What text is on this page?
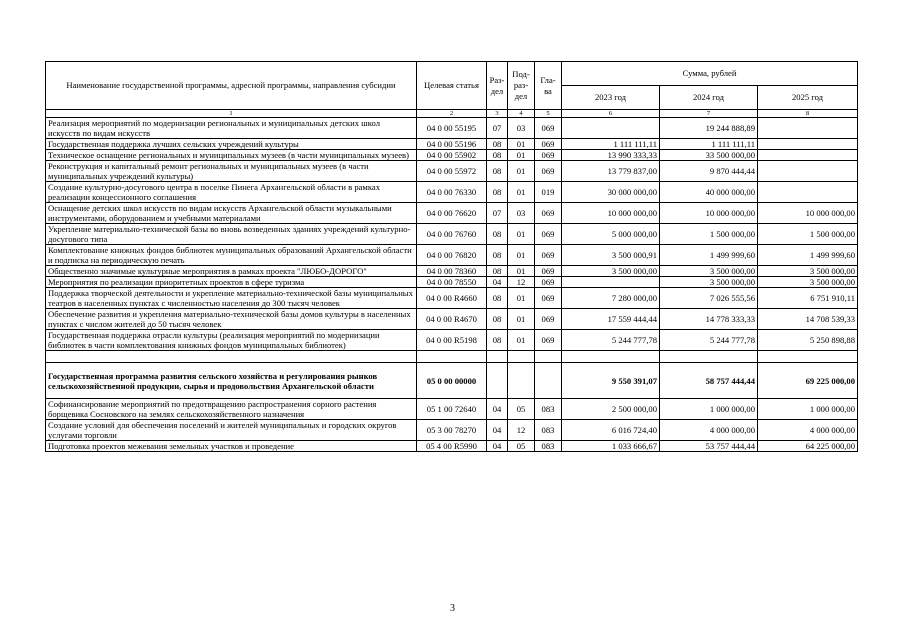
Наименование государственной программы, адресной программы, направления субсидии	Целевая статья	Раз-дел	Под-раз-дел	Гла-ва	Сумма, рублей		
					2023 год	2024 год	2025 год
1	2	3	4	5	6	7	8
Реализация мероприятий по модернизации региональных и муниципальных детских школ искусств по видам искусств	04 0 00 55195	07	03	069		19 244 888,89	
Государственная поддержка лучших сельских учреждений культуры	04 0 00 55196	08	01	069	1 111 111,11	1 111 111,11	
Техническое оснащение региональных и муниципальных музеев (в части муниципальных музеев)	04 0 00 55902	08	01	069	13 990 333,33	33 500 000,00	
Реконструкция и капитальный ремонт региональных и муниципальных музеев (в части муниципальных учреждений культуры)	04 0 00 55972	08	01	069	13 779 837,00	9 870 444,44	
Создание культурно-досугового центра в поселке Пинега Архангельской области в рамках реализации концессионного соглашения	04 0 00 76330	08	01	019	30 000 000,00	40 000 000,00	
Оснащение детских школ искусств по видам искусств Архангельской области музыкальными инструментами, оборудованием и учебными материалами	04 0 00 76620	07	03	069	10 000 000,00	10 000 000,00	10 000 000,00
Укрепление материально-технической базы во вновь возведенных зданиях учреждений культурно-досугового типа	04 0 00 76760	08	01	069	5 000 000,00	1 500 000,00	1 500 000,00
Комплектование книжных фондов библиотек муниципальных образований Архангельской области и подписка на периодическую печать	04 0 00 76820	08	01	069	3 500 000,91	1 499 999,60	1 499 999,60
Общественно значимые культурные мероприятия в рамках проекта "ЛЮБО-ДОРОГО"	04 0 00 78360	08	01	069	3 500 000,00	3 500 000,00	3 500 000,00
Мероприятия по реализации приоритетных проектов в сфере туризма	04 0 00 78550	04	12	069		3 500 000,00	3 500 000,00
Поддержка творческой деятельности и укрепление материально-технической базы муниципальных театров в населенных пунктах с численностью населения до 300 тысяч человек	04 0 00 R4660	08	01	069	7 280 000,00	7 026 555,56	6 751 910,11
Обеспечение развития и укрепления материально-технической базы домов культуры в населенных пунктах с числом жителей до 50 тысяч человек	04 0 00 R4670	08	01	069	17 559 444,44	14 778 333,33	14 708 539,33
Государственная поддержка отрасли культуры (реализация мероприятий по модернизации библиотек в части комплектования книжных фондов муниципальных библиотек)	04 0 00 R5198	08	01	069	5 244 777,78	5 244 777,78	5 250 898,88

Государственная программа развития сельского хозяйства и регулирования рынков сельскохозяйственной продукции, сырья и продовольствия Архангельской области	05 0 00 00000				9 550 391,07	58 757 444,44	69 225 000,00
Софинансирование мероприятий по предотвращению распространения сорного растения борщевика Сосновского на землях сельскохозяйственного назначения	05 1 00 72640	04	05	083	2 500 000,00	1 000 000,00	1 000 000,00
Создание условий для обеспечения поселений и жителей муниципальных и городских округов услугами торговли	05 3 00 78270	04	12	083	6 016 724,40	4 000 000,00	4 000 000,00
Подготовка проектов межевания земельных участков и проведение	05 4 00 R5990	04	05	083	1 033 666,67	53 757 444,44	64 225 000,00
3
